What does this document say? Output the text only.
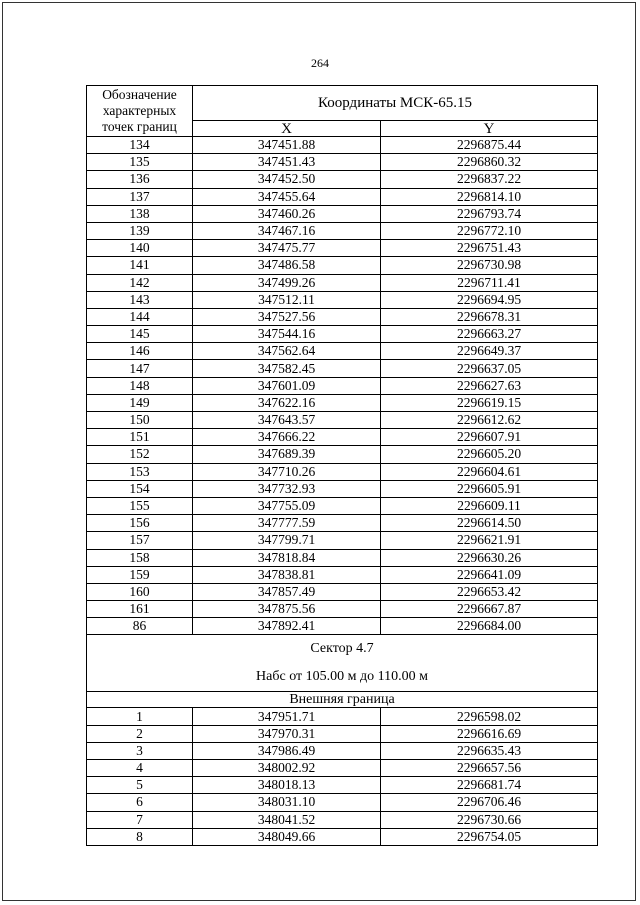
264
Обозначение характерных точек границ	Координаты МСК-65.15	
	X	Y
134	347451.88	2296875.44
135	347451.43	2296860.32
136	347452.50	2296837.22
137	347455.64	2296814.10
138	347460.26	2296793.74
139	347467.16	2296772.10
140	347475.77	2296751.43
141	347486.58	2296730.98
142	347499.26	2296711.41
143	347512.11	2296694.95
144	347527.56	2296678.31
145	347544.16	2296663.27
146	347562.64	2296649.37
147	347582.45	2296637.05
148	347601.09	2296627.63
149	347622.16	2296619.15
150	347643.57	2296612.62
151	347666.22	2296607.91
152	347689.39	2296605.20
153	347710.26	2296604.61
154	347732.93	2296605.91
155	347755.09	2296609.11
156	347777.59	2296614.50
157	347799.71	2296621.91
158	347818.84	2296630.26
159	347838.81	2296641.09
160	347857.49	2296653.42
161	347875.56	2296667.87
86	347892.41	2296684.00

Сектор 4.7
Набс от 105.00 м до 110.00 м		
Внешняя граница		
1	347951.71	2296598.02
2	347970.31	2296616.69
3	347986.49	2296635.43
4	348002.92	2296657.56
5	348018.13	2296681.74
6	348031.10	2296706.46
7	348041.52	2296730.66
8	348049.66	2296754.05
